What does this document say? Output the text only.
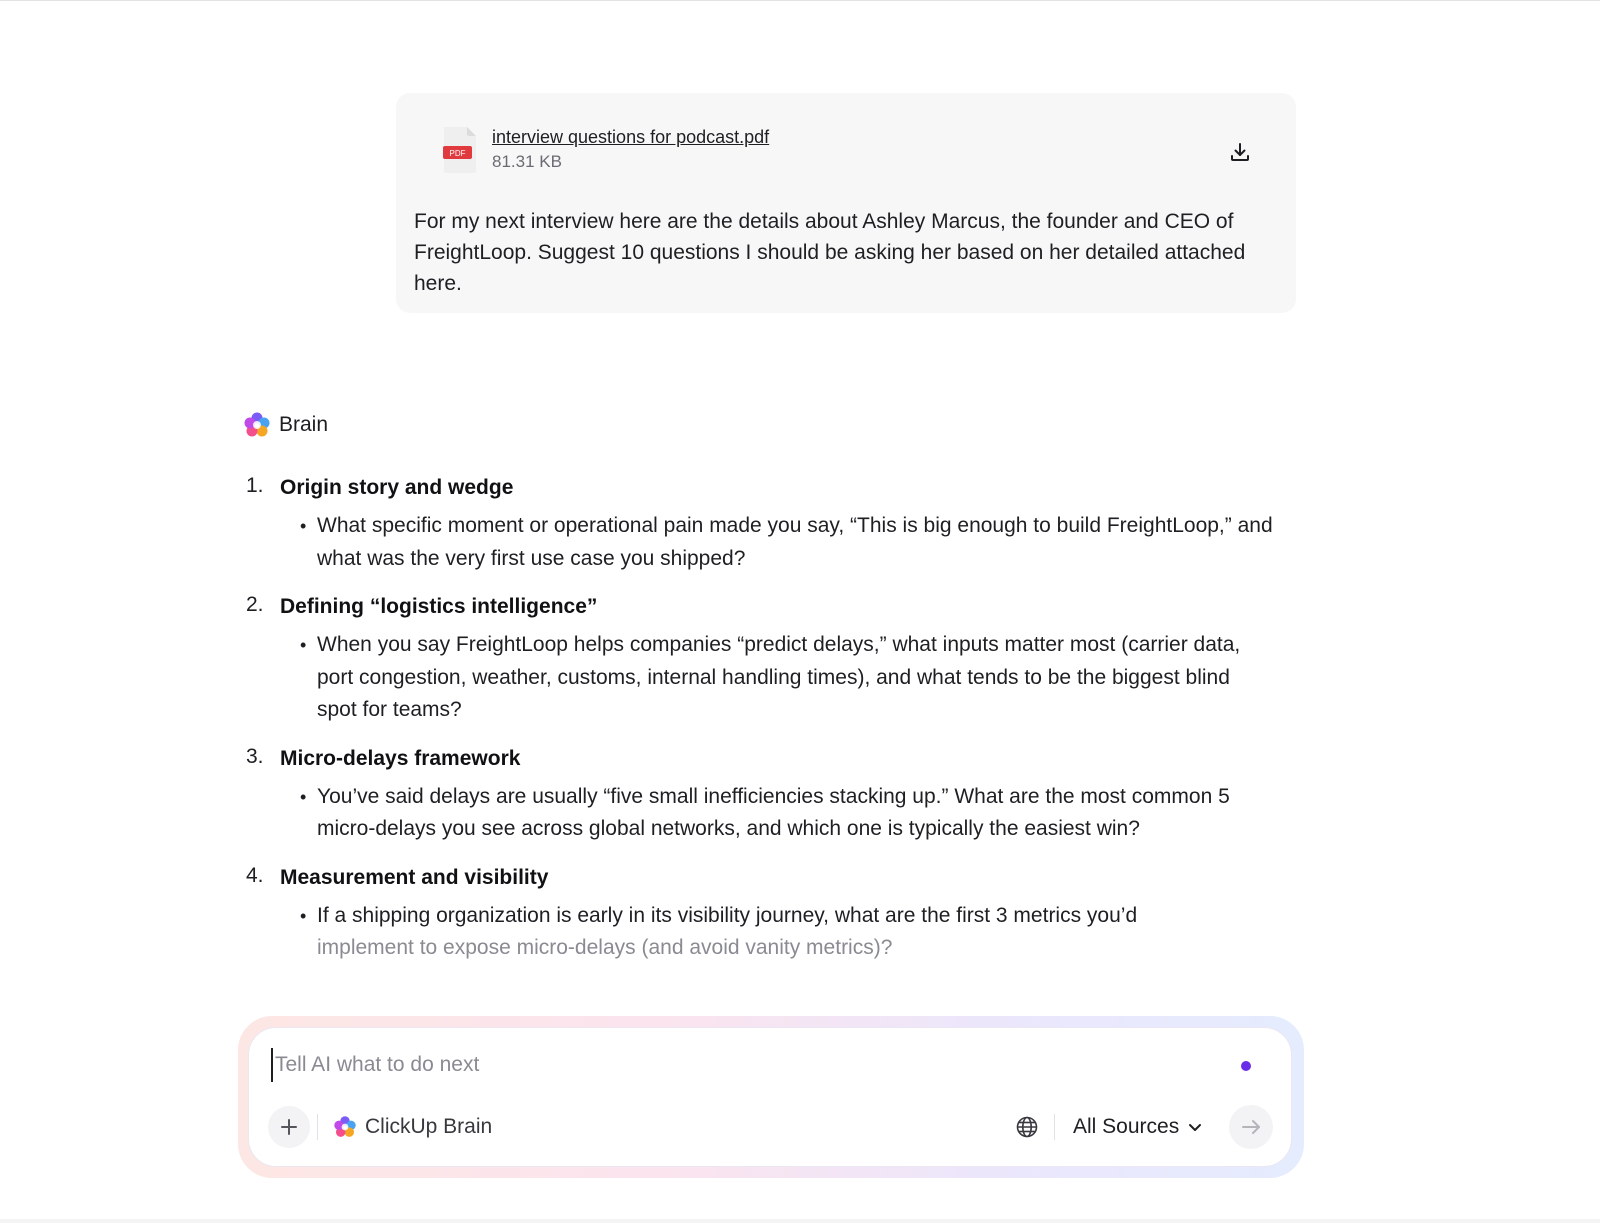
PDF
interview questions for podcast.pdf
81.31 KB
For my next interview here are the details about Ashley Marcus, the founder and CEO of FreightLoop. Suggest 10 questions I should be asking her based on her detailed attached here.
Brain
1. Origin story and wedge
• What specific moment or operational pain made you say, “This is big enough to build FreightLoop,” and what was the very first use case you shipped?
2. Defining “logistics intelligence”
• When you say FreightLoop helps companies “predict delays,” what inputs matter most (carrier data, port congestion, weather, customs, internal handling times), and what tends to be the biggest blind spot for teams?
3. Micro-delays framework
• You’ve said delays are usually “five small inefficiencies stacking up.” What are the most common 5 micro-delays you see across global networks, and which one is typically the easiest win?
4. Measurement and visibility
• If a shipping organization is early in its visibility journey, what are the first 3 metrics you’d
implement to expose micro-delays (and avoid vanity metrics)?
Tell AI what to do next
ClickUp Brain	All Sources
